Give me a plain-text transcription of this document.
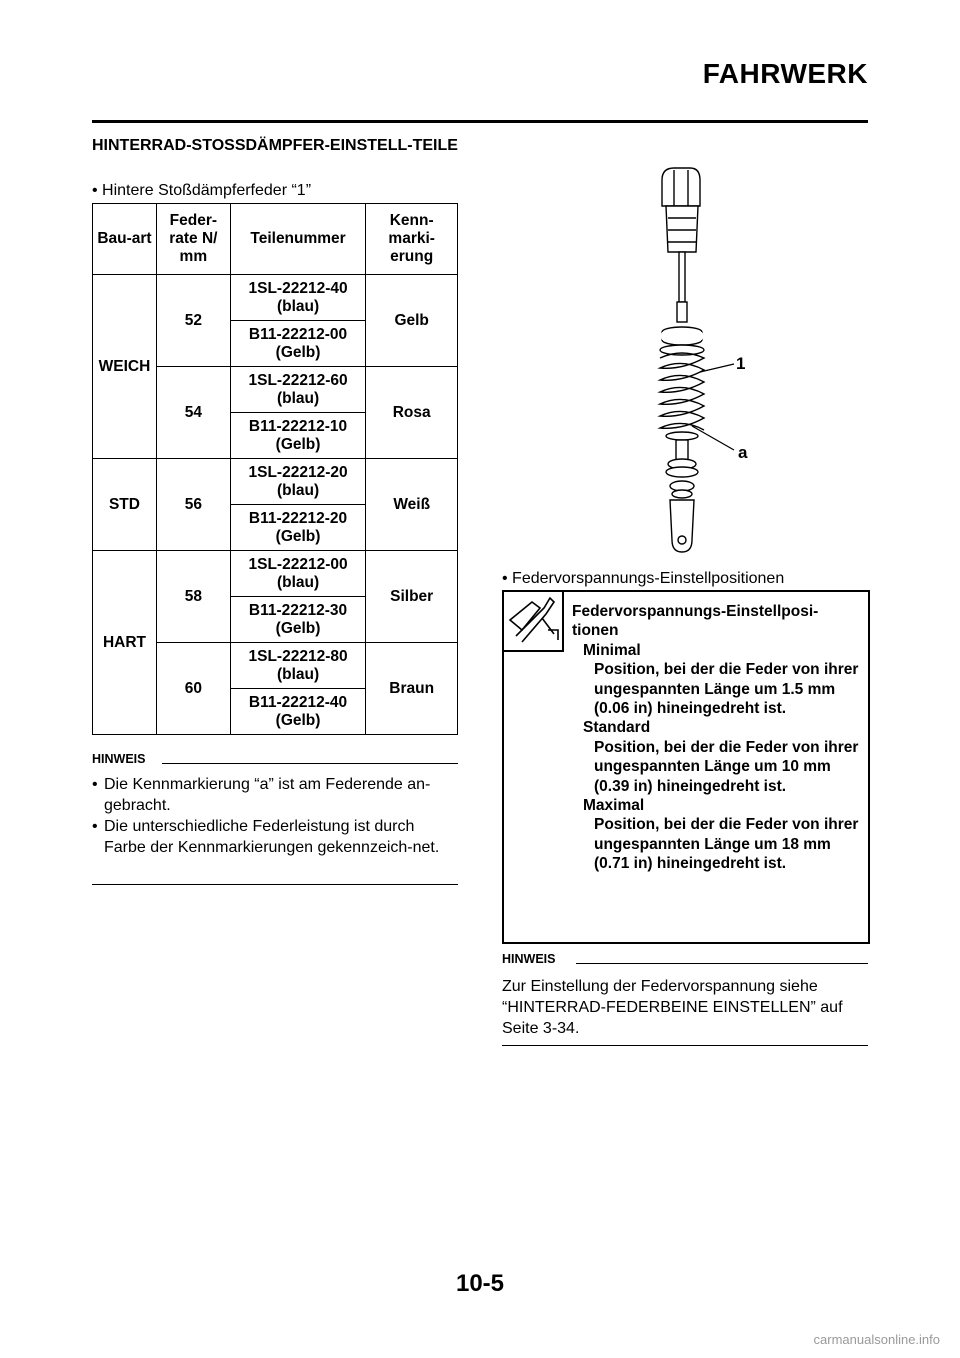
FAHRWERK
HINTERRAD-STOSSDÄMPFER-EINSTELL-TEILE
• Hintere Stoßdämpferfeder “1”
Bau-art	Feder-rate N/ mm	Teilenummer	Kenn-marki-erung
WEICH	52	1SL-22212-40 (blau)	Gelb
		B11-22212-00 (Gelb)	
	54	1SL-22212-60 (blau)	Rosa
		B11-22212-10 (Gelb)	
STD	56	1SL-22212-20 (blau)	Weiß
		B11-22212-20 (Gelb)	
HART	58	1SL-22212-00 (blau)	Silber
		B11-22212-30 (Gelb)	
	60	1SL-22212-80 (blau)	Braun
		B11-22212-40 (Gelb)	
HINWEIS
• Die Kennmarkierung “a” ist am Federende an-gebracht.
• Die unterschiedliche Federleistung ist durch Farbe der Kennmarkierungen gekennzeich-net.
1
a
• Federvorspannungs-Einstellpositionen
Federvorspannungs-Einstellposi-tionen
Minimal
Position, bei der die Feder von ihrer ungespannten Länge um 1.5 mm (0.06 in) hineingedreht ist.
Standard
Position, bei der die Feder von ihrer ungespannten Länge um 10 mm (0.39 in) hineingedreht ist.
Maximal
Position, bei der die Feder von ihrer ungespannten Länge um 18 mm (0.71 in) hineingedreht ist.
HINWEIS
Zur Einstellung der Federvorspannung siehe “HINTERRAD-FEDERBEINE EINSTELLEN” auf Seite 3-34.
10-5
carmanualsonline.info
